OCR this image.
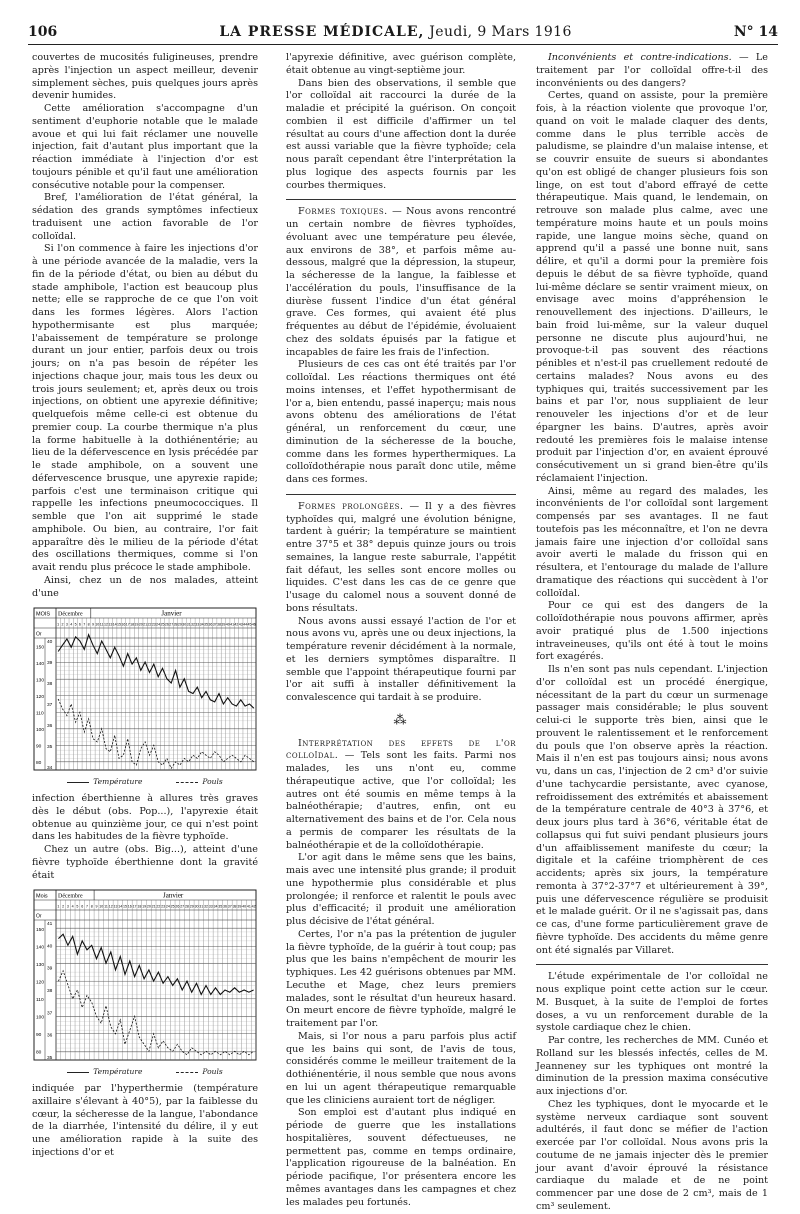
106	LA PRESSE MÉDICALE, Jeudi, 9 Mars 1916	N° 14

couvertes de mucosités fuligineuses, prendre après l'injection un aspect meilleur, devenir simplement sèches, puis quelques jours après devenir humides.

Cette amélioration s'accompagne d'un sentiment d'euphorie notable que le malade avoue et qui lui fait réclamer une nouvelle injection, fait d'autant plus important que la réaction immédiate à l'injection d'or est toujours pénible et qu'il faut une amélioration consécutive notable pour la compenser.

Bref, l'amélioration de l'état général, la sédation des grands symptômes infectieux traduisent une action favorable de l'or colloïdal.

Si l'on commence à faire les injections d'or à une période avancée de la maladie, vers la fin de la période d'état, ou bien au début du stade amphibole, l'action est beaucoup plus nette; elle se rapproche de ce que l'on voit dans les formes légères. Alors l'action hypothermisante est plus marquée; l'abaissement de température se prolonge durant un jour entier, parfois deux ou trois jours; on n'a pas besoin de répéter les injections chaque jour, mais tous les deux ou trois jours seulement; et, après deux ou trois injections, on obtient une apyrexie définitive; quelquefois même celle-ci est obtenue du premier coup. La courbe thermique n'a plus la forme habituelle à la dothiénentérie; au lieu de la défervescence en lysis précédée par le stade amphibole, on a souvent une défervescence brusque, une apyrexie rapide; parfois c'est une terminaison critique qui rappelle les infections pneumococciques. Il semble que l'on ait supprimé le stade amphibole. Ou bien, au contraire, l'or fait apparaître dès le milieu de la période d'état des oscillations thermiques, comme si l'on avait rendu plus précoce le stade amphibole.

Ainsi, chez un de nos malades, atteint d'une

MOIS Décembre	Janvier
1 2 3 4 5 6 7 8 9 10 11 12 13 14 15 16 17 18 19 20 21 22 23 24 25 26 27 28 29 30 31 32 33 34 35 36 37 38 39 40 41 42 43 44 45 46
Or
150
140
130
120
110
100
90
80
40
39
38
37
36
35
34
Température	Pouls

infection éberthienne à allures très graves dès le début (obs. Pop...), l'apyrexie était obtenue au quinzième jour, ce qui n'est point dans les habitudes de la fièvre typhoïde.

Chez un autre (obs. Big...), atteint d'une fièvre typhoïde éberthienne dont la gravité était

Mois Décembre	Janvier
1 2 3 4 5 6 7 8 9 10 11 12 13 14 15 16 17 18 19 20 21 22 23 24 25 26 27 28 29 30 31 32 33 34 35 36 37 38 39 40 41 42
Or
150
140
130
120
110
100
90
80
41
40
39
38
37
36
35
Température	Pouls

indiquée par l'hyperthermie (température axillaire s'élevant à 40°5), par la faiblesse du cœur, la sécheresse de la langue, l'abondance de la diarrhée, l'intensité du délire, il y eut une amélioration rapide à la suite des injections d'or et

l'apyrexie définitive, avec guérison complète, était obtenue au vingt-septième jour.

Dans bien des observations, il semble que l'or colloïdal ait raccourci la durée de la maladie et précipité la guérison. On conçoit combien il est difficile d'affirmer un tel résultat au cours d'une affection dont la durée est aussi variable que la fièvre typhoïde; cela nous paraît cependant être l'interprétation la plus logique des aspects fournis par les courbes thermiques.

Formes toxiques. — Nous avons rencontré un certain nombre de fièvres typhoïdes, évoluant avec une température peu élevée, aux environs de 38°, et parfois même au-dessous, malgré que la dépression, la stupeur, la sécheresse de la langue, la faiblesse et l'accélération du pouls, l'insuffisance de la diurèse fussent l'indice d'un état général grave. Ces formes, qui avaient été plus fréquentes au début de l'épidémie, évoluaient chez des soldats épuisés par la fatigue et incapables de faire les frais de l'infection.

Plusieurs de ces cas ont été traités par l'or colloïdal. Les réactions thermiques ont été moins intenses, et l'effet hypothermisant de l'or a, bien entendu, passé inaperçu; mais nous avons obtenu des améliorations de l'état général, un renforcement du cœur, une diminution de la sécheresse de la bouche, comme dans les formes hyperthermiques. La colloïdothérapie nous paraît donc utile, même dans ces formes.

Formes prolongées. — Il y a des fièvres typhoïdes qui, malgré une évolution bénigne, tardent à guérir; la température se maintient entre 37°5 et 38° depuis quinze jours ou trois semaines, la langue reste saburrale, l'appétit fait défaut, les selles sont encore molles ou liquides. C'est dans les cas de ce genre que l'usage du calomel nous a souvent donné de bons résultats.

Nous avons aussi essayé l'action de l'or et nous avons vu, après une ou deux injections, la température revenir décidément à la normale, et les derniers symptômes disparaître. Il semble que l'appoint thérapeutique fourni par l'or ait suffi à installer définitivement la convalescence qui tardait à se produire.

⁂

Interprétation des effets de l'or colloïdal. — Tels sont les faits. Parmi nos malades, les uns n'ont eu, comme thérapeutique active, que l'or colloïdal; les autres ont été soumis en même temps à la balnéothérapie; d'autres, enfin, ont eu alternativement des bains et de l'or. Cela nous a permis de comparer les résultats de la balnéothérapie et de la colloïdothérapie.

L'or agit dans le même sens que les bains, mais avec une intensité plus grande; il produit une hypothermie plus considérable et plus prolongée; il renforce et ralentit le pouls avec plus d'efficacité; il produit une amélioration plus décisive de l'état général.

Certes, l'or n'a pas la prétention de juguler la fièvre typhoïde, de la guérir à tout coup; pas plus que les bains n'empêchent de mourir les typhiques. Les 42 guérisons obtenues par MM. Lecuthe et Mage, chez leurs premiers malades, sont le résultat d'un heureux hasard. On meurt encore de fièvre typhoïde, malgré le traitement par l'or.

Mais, si l'or nous a paru parfois plus actif que les bains qui sont, de l'avis de tous, considérés comme le meilleur traitement de la dothiénentérie, il nous semble que nous avons en lui un agent thérapeutique remarquable que les cliniciens auraient tort de négliger.

Son emploi est d'autant plus indiqué en période de guerre que les installations hospitalières, souvent défectueuses, ne permettent pas, comme en temps ordinaire, l'application rigoureuse de la balnéation. En période pacifique, l'or présentera encore les mêmes avantages dans les campagnes et chez les malades peu fortunés.

Inconvénients et contre-indications. — Le traitement par l'or colloïdal offre-t-il des inconvénients ou des dangers?

Certes, quand on assiste, pour la première fois, à la réaction violente que provoque l'or, quand on voit le malade claquer des dents, comme dans le plus terrible accès de paludisme, se plaindre d'un malaise intense, et se couvrir ensuite de sueurs si abondantes qu'on est obligé de changer plusieurs fois son linge, on est tout d'abord effrayé de cette thérapeutique. Mais quand, le lendemain, on retrouve son malade plus calme, avec une température moins haute et un pouls moins rapide, une langue moins sèche, quand on apprend qu'il a passé une bonne nuit, sans délire, et qu'il a dormi pour la première fois depuis le début de sa fièvre typhoïde, quand lui-même déclare se sentir vraiment mieux, on envisage avec moins d'appréhension le renouvellement des injections. D'ailleurs, le bain froid lui-même, sur la valeur duquel personne ne discute plus aujourd'hui, ne provoque-t-il pas souvent des réactions pénibles et n'est-il pas cruellement redouté de certains malades? Nous avons eu des typhiques qui, traités successivement par les bains et par l'or, nous suppliaient de leur renouveler les injections d'or et de leur épargner les bains. D'autres, après avoir redouté les premières fois le malaise intense produit par l'injection d'or, en avaient éprouvé consécutivement un si grand bien-être qu'ils réclamaient l'injection.

Ainsi, même au regard des malades, les inconvénients de l'or colloïdal sont largement compensés par ses avantages. Il ne faut toutefois pas les méconnaître, et l'on ne devra jamais faire une injection d'or colloïdal sans avoir averti le malade du frisson qui en résultera, et l'entourage du malade de l'allure dramatique des réactions qui succèdent à l'or colloïdal.

Pour ce qui est des dangers de la colloïdothérapie nous pouvons affirmer, après avoir pratiqué plus de 1.500 injections intraveineuses, qu'ils ont été à tout le moins fort exagérés.

Ils n'en sont pas nuls cependant. L'injection d'or colloïdal est un procédé énergique, nécessitant de la part du cœur un surmenage passager mais considérable; le plus souvent celui-ci le supporte très bien, ainsi que le prouvent le ralentissement et le renforcement du pouls que l'on observe après la réaction. Mais il n'en est pas toujours ainsi; nous avons vu, dans un cas, l'injection de 2 cm³ d'or suivie d'une tachycardie persistante, avec cyanose, refroidissement des extrémités et abaissement de la température centrale de 40°3 à 37°6, et deux jours plus tard à 36°6, véritable état de collapsus qui fut suivi pendant plusieurs jours d'un affaiblissement manifeste du cœur; la digitale et la caféine triomphèrent de ces accidents; après six jours, la température remonta à 37°2-37°7 et ultérieurement à 39°, puis une défervescence régulière se produisit et le malade guérit. Or il ne s'agissait pas, dans ce cas, d'une forme particulièrement grave de fièvre typhoïde. Des accidents du même genre ont été signalés par Villaret.

L'étude expérimentale de l'or colloïdal ne nous explique point cette action sur le cœur. M. Busquet, à la suite de l'emploi de fortes doses, a vu un renforcement durable de la systole cardiaque chez le chien.

Par contre, les recherches de MM. Cunéo et Rolland sur les blessés infectés, celles de M. Jeanneney sur les typhiques ont montré la diminution de la pression maxima consécutive aux injections d'or.

Chez les typhiques, dont le myocarde et le système nerveux cardiaque sont souvent adultérés, il faut donc se méfier de l'action exercée par l'or colloïdal. Nous avons pris la coutume de ne jamais injecter dès le premier jour avant d'avoir éprouvé la résistance cardiaque du malade et de ne point commencer par une dose de 2 cm³, mais de 1 cm³ seulement.
